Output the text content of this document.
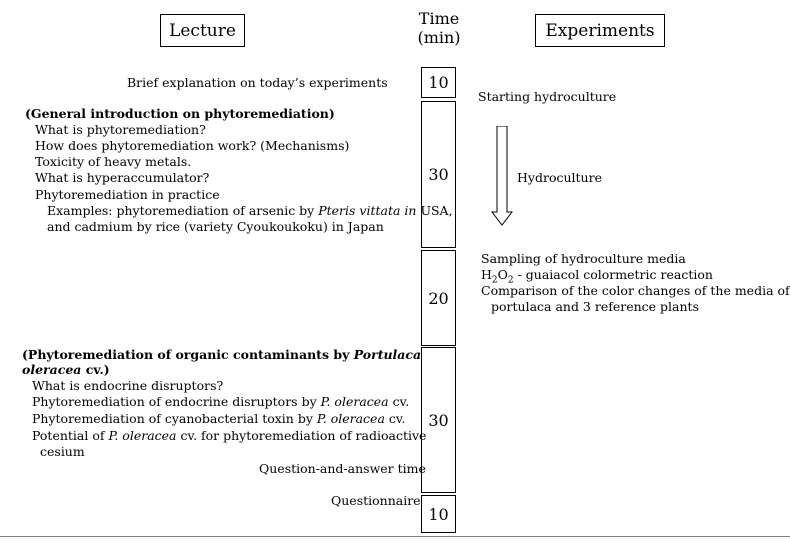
Lecture
Time
(min)	Experiments
10
30
20
30
10
Brief explanation on today’s experiments
(General introduction on phytoremediation)
What is phytoremediation?
How does phytoremediation work? (Mechanisms)
Toxicity of heavy metals.
What is hyperaccumulator?
Phytoremediation in practice
Examples: phytoremediation of arsenic by Pteris vittata in USA,
and cadmium by rice (variety Cyoukoukoku) in Japan
(Phytoremediation of organic contaminants by Portulaca
oleracea cv.)
What is endocrine disruptors?
Phytoremediation of endocrine disruptors by P. oleracea cv.
Phytoremediation of cyanobacterial toxin by P. oleracea cv.
Potential of P. oleracea cv. for phytoremediation of radioactive
cesium
Question-and-answer time
Questionnaire
Starting hydroculture
Hydroculture
Sampling of hydroculture media
$H_2O_2$ - guaiacol colormetric reaction
Comparison of the color changes of the media of
portulaca and 3 reference plants
